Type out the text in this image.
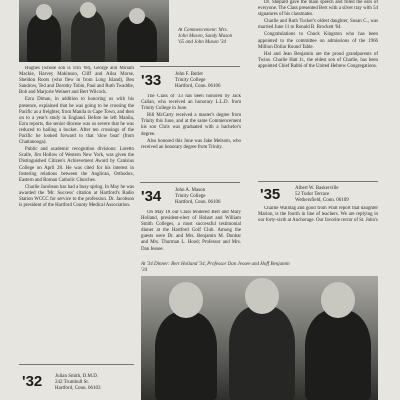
At Commencement: Mrs. John Mason, Sandy Mason '65 and John Mason '34

Hughes (whose son is Trin '68), George and Miriam Mackie, Harvey Makinson, Cliff and Ailsa Morse, Sheldon Roots (who flew in from Long Island), Ben Sandrow, Ted and Dorothy Tobin, Paul and Ruth Twaddle, Bob and Marjorie Weinert and Bert Wilcock.

Ezra Diman, in addition to honoring us with his presence, explained that he was going to be crossing the Pacific as a freighter, from Manila to Cape Town, and then on to a year's study in England. Before he left Manila, Ezra reports, the senior diocese was so severe that he was reduced to bailing a bucket. After ten crossings of the Pacific he looked forward to that 'slow boat' (from Chattanooga).

Public and academic recognition divisions: Loretto Scalle, Jim Hollow of Western New York, was given the Distinguished Citizen's Achievement Award by Canisius College on April 28. He was cited for his interest in fostering relations between the Anglican, Orthodox, Eastern and Roman Catholic Churches.

Charlie Jacobson has had a busy spring. In May he was awarded the 'Mr. Success' citation at Hartford's Radio Station WCCC for service to the profession. Dr. Jacobson is president of the Hartford County Medical Association.

'32	Julian Smith, D.M.D.
242 Trumbull St.
Hartford, Conn. 06103
'33	John F. Butler
Trinity College
Hartford, Conn. 06106

The Class of '33 has been honored by Jack Callan, who received an honorary L.L.D. from Trinity College in June.

Bill McCarty received a master's degree from Trinity this June, and at the same Commencement his son Chris was graduated with a bachelor's degree.

Also honored this June was Jake Melsom, who received an honorary degree from Trinity.

'34	John A. Mason
Trinity College
Hartford, Conn. 06106

On May 18 our Class tendered Bert and Mary Holland, president-elect of Hobart and William Smith Colleges, a most successful testimonial dinner at the Hartford Golf Club. Among the guests were Dr. and Mrs. Benjamin M. Dunbar and Mrs. Thurman L. Hood; Professor and Mrs. Dan Jessee.

Dr. Shepard gave the main speech and filled the ears of everyone. The Class presented Bert with a silver tray with 54 signatures of his classmates.

Charlie and Ruth Tucker's oldest daughter, Susan C., was married June 11 to Ronald B. Brockett '64.

Congratulations to Chuck Kingston who has been appointed to the committee on admissions of the 1966 Million Dollar Round Table.

Hal and Jean Benjamin are the proud grandparents of Twins. Charlie Hatt Jr., the eldest son of Charlie, has been appointed Chief Rabbi of the United Hebrew Congregations.

'35	Albert W. Baskerville
52 Tudor Terrace
Wethersfield, Conn. 06109

Charlie Walldag and good from Pratt report that daughter Marion, is the fourth in line of teachers. We are replying in our forty-sixth at Anchorage. Our favorite rector of St. John's

At '34 Dinner: Bert Holland '34, Professor Dan Jessee and Hoff Benjamin '34
